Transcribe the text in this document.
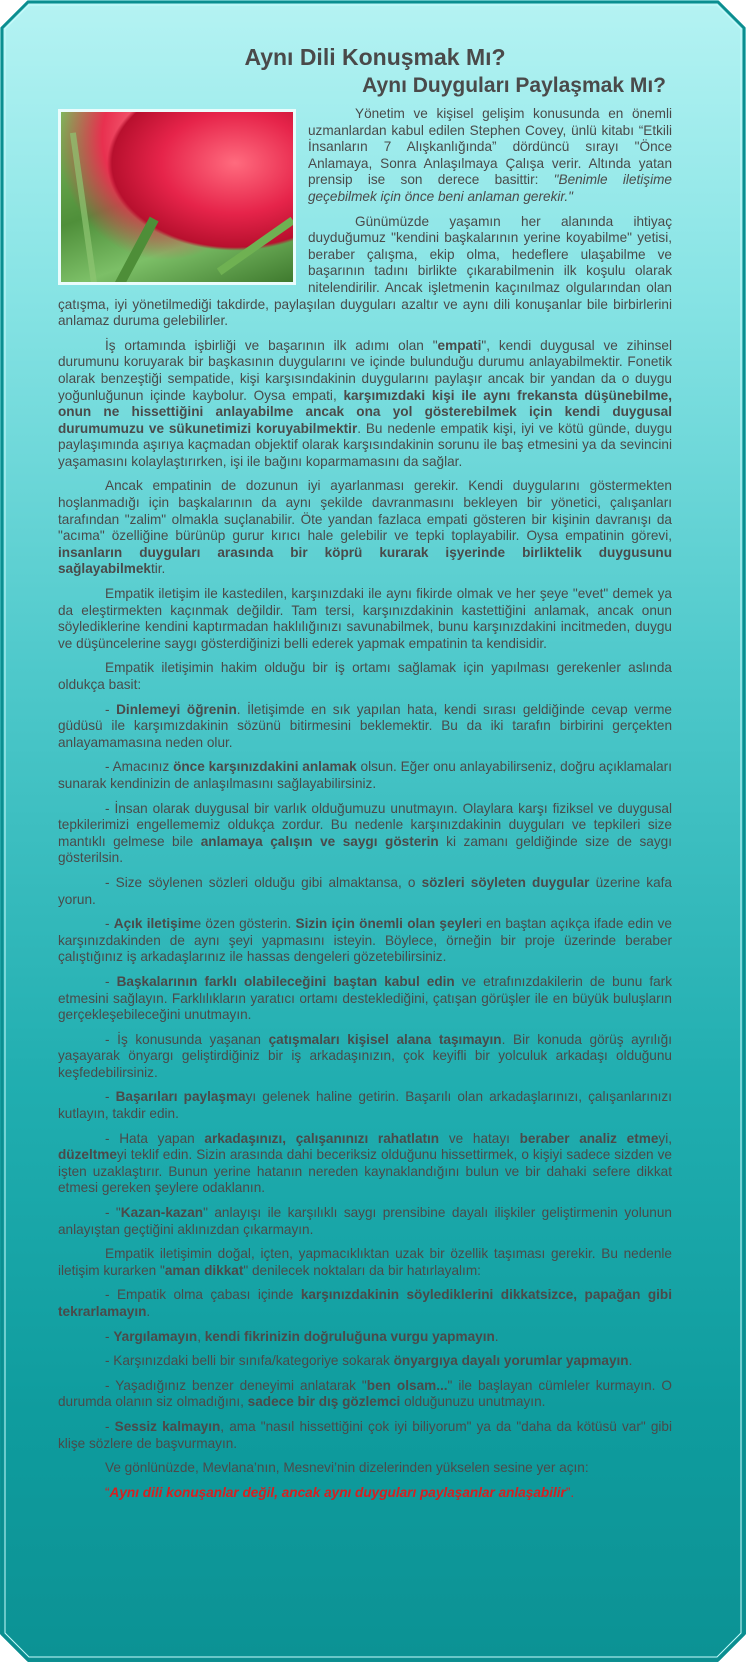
Aynı Dili Konuşmak Mı?
Aynı Duyguları Paylaşmak Mı?

Yönetim ve kişisel gelişim konusunda en önemli uzmanlardan kabul edilen Stephen Covey, ünlü kitabı “Etkili İnsanların 7 Alışkanlığında” dördüncü sırayı "Önce Anlamaya, Sonra Anlaşılmaya Çalışa verir. Altında yatan prensip ise son derece basittir: "Benimle iletişime geçebilmek için önce beni anlaman gerekir."

Günümüzde yaşamın her alanında ihtiyaç duyduğumuz "kendini başkalarının yerine koyabilme" yetisi, beraber çalışma, ekip olma, hedeflere ulaşabilme ve başarının tadını birlikte çıkarabilmenin ilk koşulu olarak nitelendirilir. Ancak işletmenin kaçınılmaz olgularından olan çatışma, iyi yönetilmediği takdirde, paylaşılan duyguları azaltır ve aynı dili konuşanlar bile birbirlerini anlamaz duruma gelebilirler.

İş ortamında işbirliği ve başarının ilk adımı olan "empati", kendi duygusal ve zihinsel durumunu koruyarak bir başkasının duygularını ve içinde bulunduğu durumu anlayabilmektir. Fonetik olarak benzeştiği sempatide, kişi karşısındakinin duygularını paylaşır ancak bir yandan da o duygu yoğunluğunun içinde kaybolur. Oysa empati, karşımızdaki kişi ile aynı frekansta düşünebilme, onun ne hissettiğini anlayabilme ancak ona yol gösterebilmek için kendi duygusal durumumuzu ve sükunetimizi koruyabilmektir. Bu nedenle empatik kişi, iyi ve kötü günde, duygu paylaşımında aşırıya kaçmadan objektif olarak karşısındakinin sorunu ile baş etmesini ya da sevincini yaşamasını kolaylaştırırken, işi ile bağını koparmamasını da sağlar.

Ancak empatinin de dozunun iyi ayarlanması gerekir. Kendi duygularını göstermekten hoşlanmadığı için başkalarının da aynı şekilde davranmasını bekleyen bir yönetici, çalışanları tarafından "zalim" olmakla suçlanabilir. Öte yandan fazlaca empati gösteren bir kişinin davranışı da "acıma" özelliğine bürünüp gurur kırıcı hale gelebilir ve tepki toplayabilir. Oysa empatinin görevi, insanların duyguları arasında bir köprü kurarak işyerinde birliktelik duygusunu sağlayabilmektir.

Empatik iletişim ile kastedilen, karşınızdaki ile aynı fikirde olmak ve her şeye "evet" demek ya da eleştirmekten kaçınmak değildir. Tam tersi, karşınızdakinin kastettiğini anlamak, ancak onun söylediklerine kendini kaptırmadan haklılığınızı savunabilmek, bunu karşınızdakini incitmeden, duygu ve düşüncelerine saygı gösterdiğinizi belli ederek yapmak empatinin ta kendisidir.

Empatik iletişimin hakim olduğu bir iş ortamı sağlamak için yapılması gerekenler aslında oldukça basit:

- Dinlemeyi öğrenin. İletişimde en sık yapılan hata, kendi sırası geldiğinde cevap verme güdüsü ile karşımızdakinin sözünü bitirmesini beklemektir. Bu da iki tarafın birbirini gerçekten anlayamamasına neden olur.

- Amacınız önce karşınızdakini anlamak olsun. Eğer onu anlayabilirseniz, doğru açıklamaları sunarak kendinizin de anlaşılmasını sağlayabilirsiniz.

- İnsan olarak duygusal bir varlık olduğumuzu unutmayın. Olaylara karşı fiziksel ve duygusal tepkilerimizi engellememiz oldukça zordur. Bu nedenle karşınızdakinin duyguları ve tepkileri size mantıklı gelmese bile anlamaya çalışın ve saygı gösterin ki zamanı geldiğinde size de saygı gösterilsin.

- Size söylenen sözleri olduğu gibi almaktansa, o sözleri söyleten duygular üzerine kafa yorun.

- Açık iletişime özen gösterin. Sizin için önemli olan şeyleri en baştan açıkça ifade edin ve karşınızdakinden de aynı şeyi yapmasını isteyin. Böylece, örneğin bir proje üzerinde beraber çalıştığınız iş arkadaşlarınız ile hassas dengeleri gözetebilirsiniz.

- Başkalarının farklı olabileceğini baştan kabul edin ve etrafınızdakilerin de bunu fark etmesini sağlayın. Farklılıkların yaratıcı ortamı desteklediğini, çatışan görüşler ile en büyük buluşların gerçekleşebileceğini unutmayın.

- İş konusunda yaşanan çatışmaları kişisel alana taşımayın. Bir konuda görüş ayrılığı yaşayarak önyargı geliştirdiğiniz bir iş arkadaşınızın, çok keyifli bir yolculuk arkadaşı olduğunu keşfedebilirsiniz.

- Başarıları paylaşmayı gelenek haline getirin. Başarılı olan arkadaşlarınızı, çalışanlarınızı kutlayın, takdir edin.

- Hata yapan arkadaşınızı, çalışanınızı rahatlatın ve hatayı beraber analiz etmeyi, düzeltmeyi teklif edin. Sizin arasında dahi beceriksiz olduğunu hissettirmek, o kişiyi sadece sizden ve işten uzaklaştırır. Bunun yerine hatanın nereden kaynaklandığını bulun ve bir dahaki sefere dikkat etmesi gereken şeylere odaklanın.

- "Kazan-kazan" anlayışı ile karşılıklı saygı prensibine dayalı ilişkiler geliştirmenin yolunun anlayıştan geçtiğini aklınızdan çıkarmayın.

Empatik iletişimin doğal, içten, yapmacıklıktan uzak bir özellik taşıması gerekir. Bu nedenle iletişim kurarken "aman dikkat" denilecek noktaları da bir hatırlayalım:

- Empatik olma çabası içinde karşınızdakinin söylediklerini dikkatsizce, papağan gibi tekrarlamayın.

- Yargılamayın, kendi fikrinizin doğruluğuna vurgu yapmayın.

- Karşınızdaki belli bir sınıfa/kategoriye sokarak önyargıya dayalı yorumlar yapmayın.

- Yaşadığınız benzer deneyimi anlatarak "ben olsam..." ile başlayan cümleler kurmayın. O durumda olanın siz olmadığını, sadece bir dış gözlemci olduğunuzu unutmayın.

- Sessiz kalmayın, ama "nasıl hissettiğini çok iyi biliyorum" ya da "daha da kötüsü var" gibi klişe sözlere de başvurmayın.

Ve gönlünüzde, Mevlana’nın, Mesnevi’nin dizelerinden yükselen sesine yer açın:

“Aynı dili konuşanlar değil, ancak aynı duyguları paylaşanlar anlaşabilir”.
